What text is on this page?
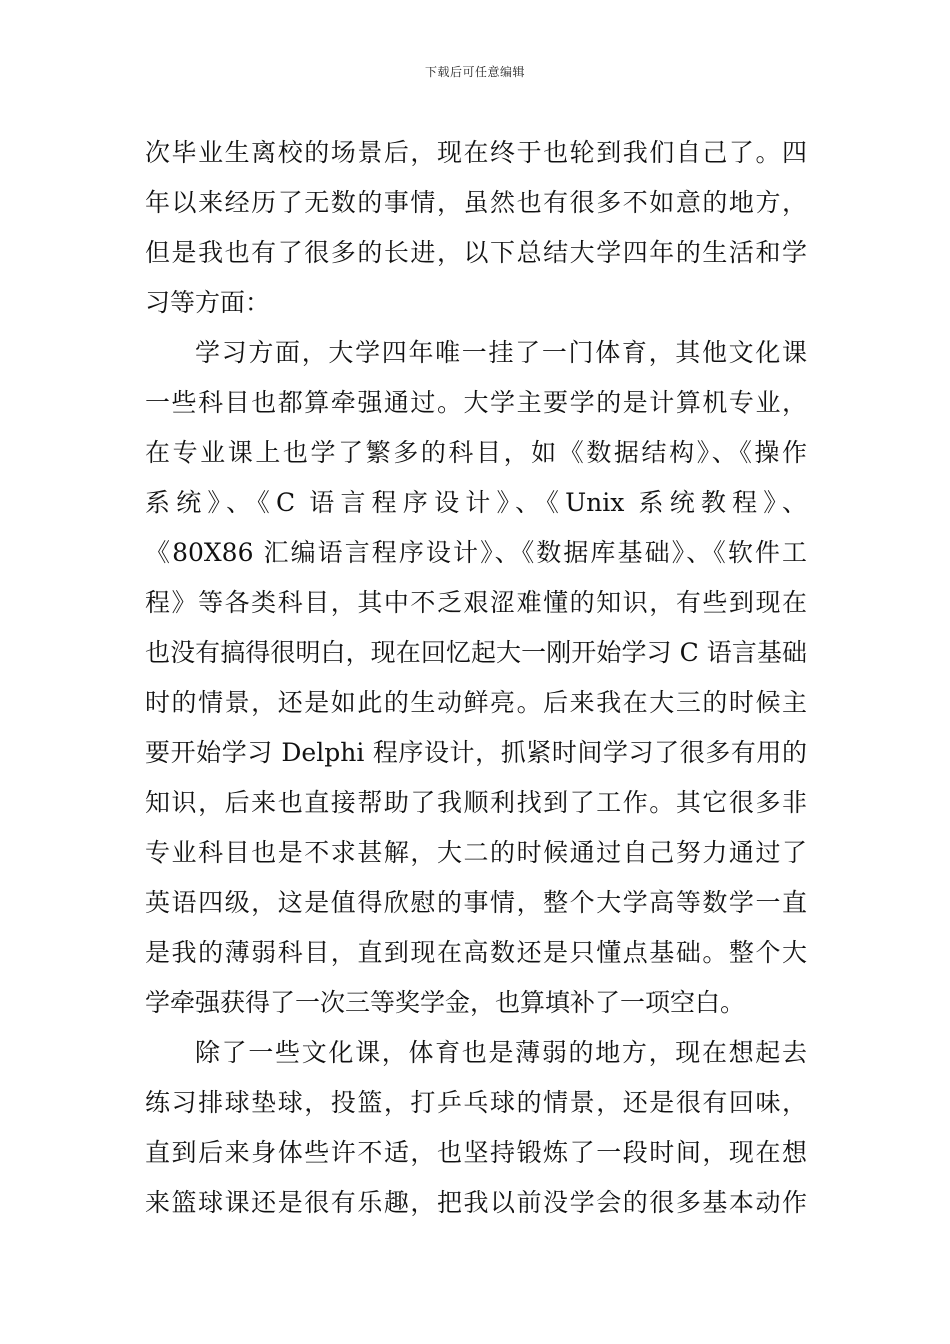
下载后可任意编辑
次毕业生离校的场景后，现在终于也轮到我们自己了。四
年以来经历了无数的事情，虽然也有很多不如意的地方，
但是我也有了很多的长进，以下总结大学四年的生活和学
习等方面：
学习方面，大学四年唯一挂了一门体育，其他文化课
一些科目也都算牵强通过。大学主要学的是计算机专业，
在专业课上也学了繁多的科目，如《数据结构》、《操作
系统》、《C 语言程序设计》、《Unix 系统教程》、
《80X86 汇编语言程序设计》、《数据库基础》、《软件工
程》等各类科目，其中不乏艰涩难懂的知识，有些到现在
也没有搞得很明白，现在回忆起大一刚开始学习 C 语言基础
时的情景，还是如此的生动鲜亮。后来我在大三的时候主
要开始学习 Delphi 程序设计，抓紧时间学习了很多有用的
知识，后来也直接帮助了我顺利找到了工作。其它很多非
专业科目也是不求甚解，大二的时候通过自己努力通过了
英语四级，这是值得欣慰的事情，整个大学高等数学一直
是我的薄弱科目，直到现在高数还是只懂点基础。整个大
学牵强获得了一次三等奖学金，也算填补了一项空白。
除了一些文化课，体育也是薄弱的地方，现在想起去
练习排球垫球，投篮，打乒乓球的情景，还是很有回味，
直到后来身体些许不适，也坚持锻炼了一段时间，现在想
来篮球课还是很有乐趣，把我以前没学会的很多基本动作
